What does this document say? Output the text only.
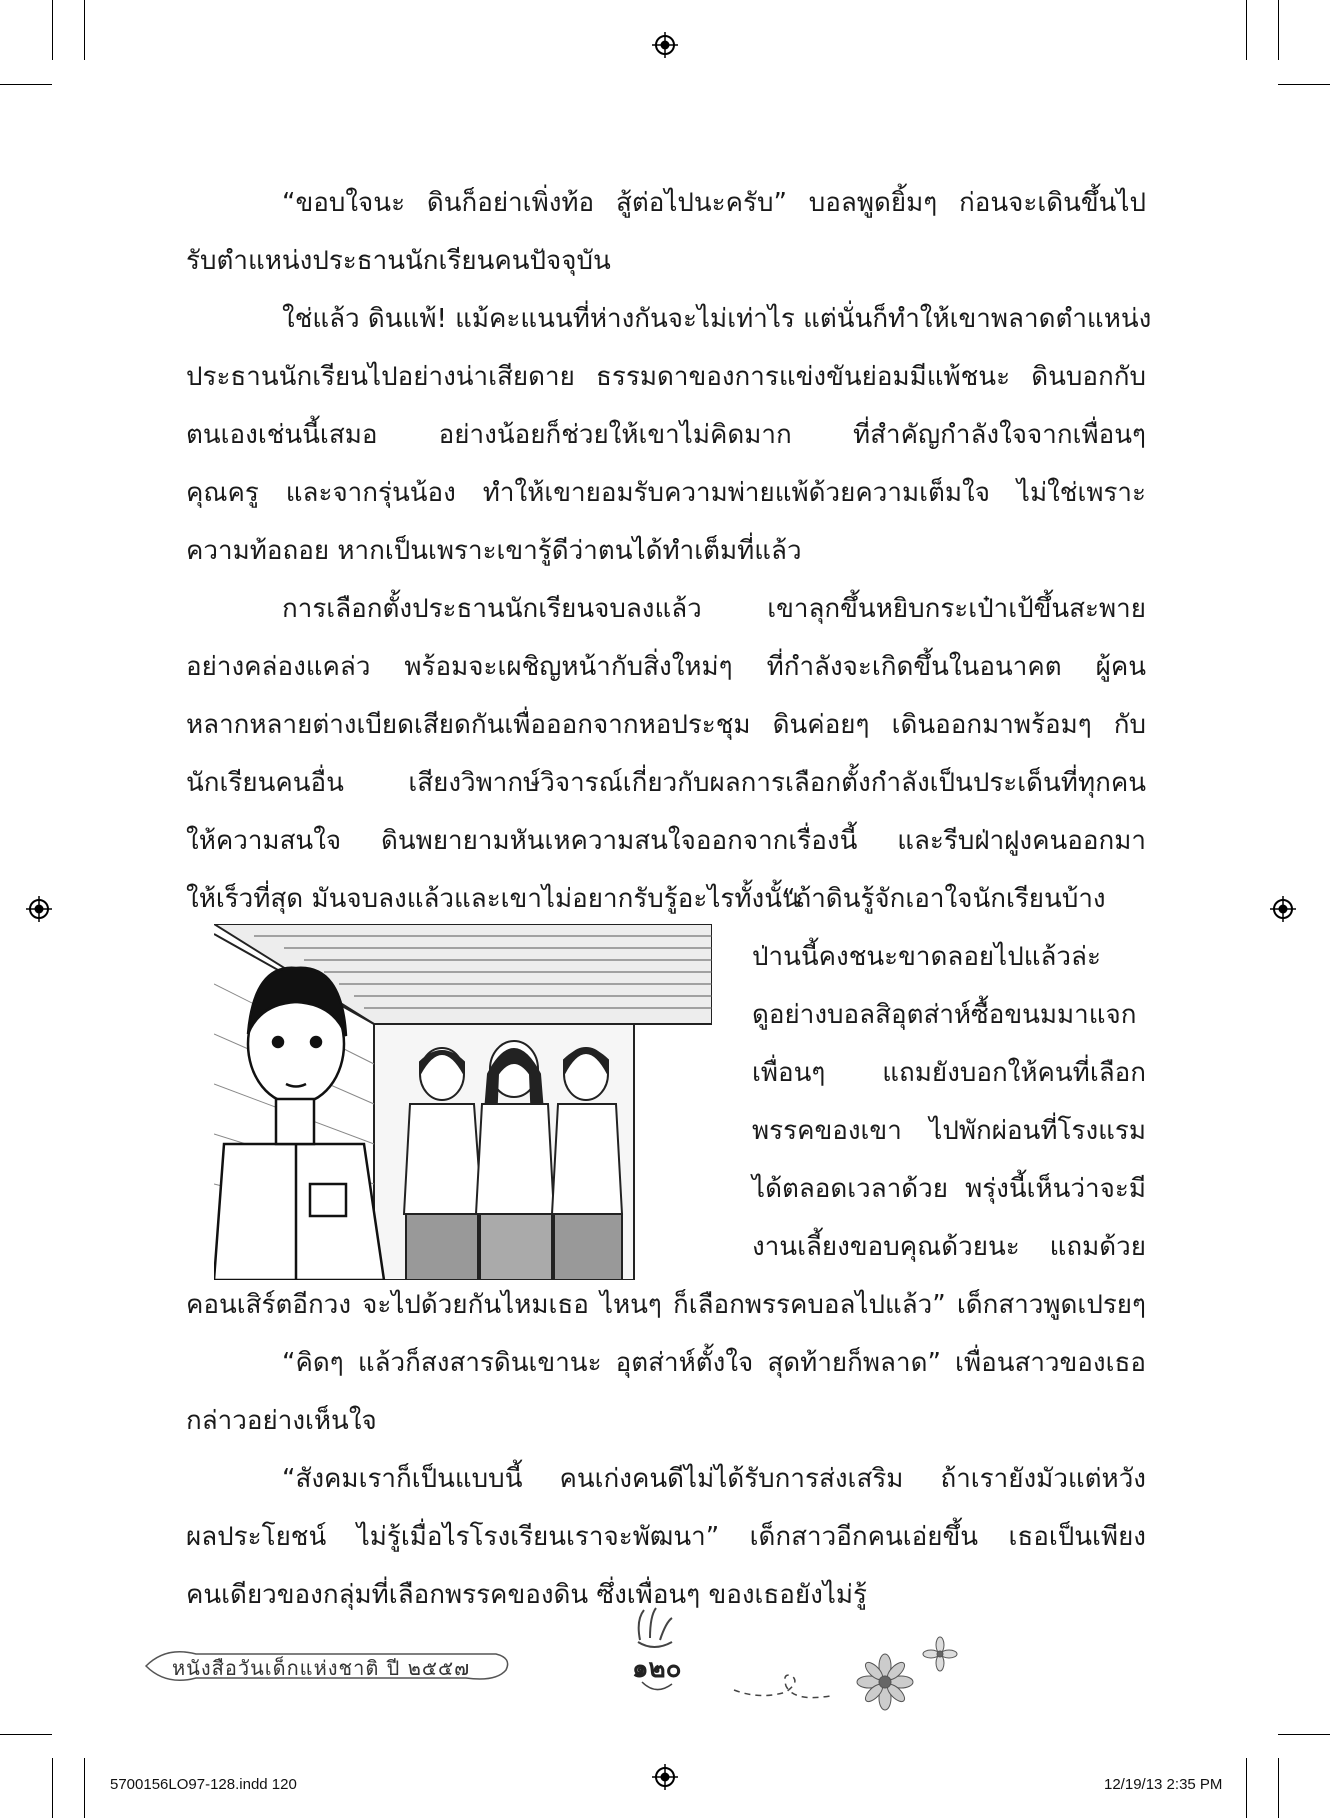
“ขอบใจนะ ดินก็อย่าเพิ่งท้อ สู้ต่อไปนะครับ” บอลพูดยิ้มๆ ก่อนจะเดินขึ้นไป
รับตำแหน่งประธานนักเรียนคนปัจจุบัน
ใช่แล้ว ดินแพ้! แม้คะแนนที่ห่างกันจะไม่เท่าไร แต่นั่นก็ทำให้เขาพลาดตำแหน่ง
ประธานนักเรียนไปอย่างน่าเสียดาย ธรรมดาของการแข่งขันย่อมมีแพ้ชนะ ดินบอกกับ
ตนเองเช่นนี้เสมอ อย่างน้อยก็ช่วยให้เขาไม่คิดมาก ที่สำคัญกำลังใจจากเพื่อนๆ
คุณครู และจากรุ่นน้อง ทำให้เขายอมรับความพ่ายแพ้ด้วยความเต็มใจ ไม่ใช่เพราะ
ความท้อถอย หากเป็นเพราะเขารู้ดีว่าตนได้ทำเต็มที่แล้ว
การเลือกตั้งประธานนักเรียนจบลงแล้ว เขาลุกขึ้นหยิบกระเป๋าเป้ขึ้นสะพาย
อย่างคล่องแคล่ว พร้อมจะเผชิญหน้ากับสิ่งใหม่ๆ ที่กำลังจะเกิดขึ้นในอนาคต ผู้คน
หลากหลายต่างเบียดเสียดกันเพื่อออกจากหอประชุม ดินค่อยๆ เดินออกมาพร้อมๆ กับ
นักเรียนคนอื่น เสียงวิพากษ์วิจารณ์เกี่ยวกับผลการเลือกตั้งกำลังเป็นประเด็นที่ทุกคน
ให้ความสนใจ ดินพยายามหันเหความสนใจออกจากเรื่องนี้ และรีบฝ่าฝูงคนออกมา
ให้เร็วที่สุด มันจบลงแล้วและเขาไม่อยากรับรู้อะไรทั้งนั้น
“ถ้าดินรู้จักเอาใจนักเรียนบ้าง
ป่านนี้คงชนะขาดลอยไปแล้วล่ะ
ดูอย่างบอลสิอุตส่าห์ซื้อขนมมาแจก
เพื่อนๆ แถมยังบอกให้คนที่เลือก
พรรคของเขา ไปพักผ่อนที่โรงแรม
ได้ตลอดเวลาด้วย พรุ่งนี้เห็นว่าจะมี
งานเลี้ยงขอบคุณด้วยนะ แถมด้วย
คอนเสิร์ตอีกวง จะไปด้วยกันไหมเธอ ไหนๆ ก็เลือกพรรคบอลไปแล้ว” เด็กสาวพูดเปรยๆ
“คิดๆ แล้วก็สงสารดินเขานะ อุตส่าห์ตั้งใจ สุดท้ายก็พลาด” เพื่อนสาวของเธอ
กล่าวอย่างเห็นใจ
“สังคมเราก็เป็นแบบนี้ คนเก่งคนดีไม่ได้รับการส่งเสริม ถ้าเรายังมัวแต่หวัง
ผลประโยชน์ ไม่รู้เมื่อไรโรงเรียนเราจะพัฒนา” เด็กสาวอีกคนเอ่ยขึ้น เธอเป็นเพียง
คนเดียวของกลุ่มที่เลือกพรรคของดิน ซึ่งเพื่อนๆ ของเธอยังไม่รู้
หนังสือวันเด็กแห่งชาติ ปี ๒๕๕๗	๑๒๐
5700156LO97-128.indd 120	12/19/13 2:35 PM
